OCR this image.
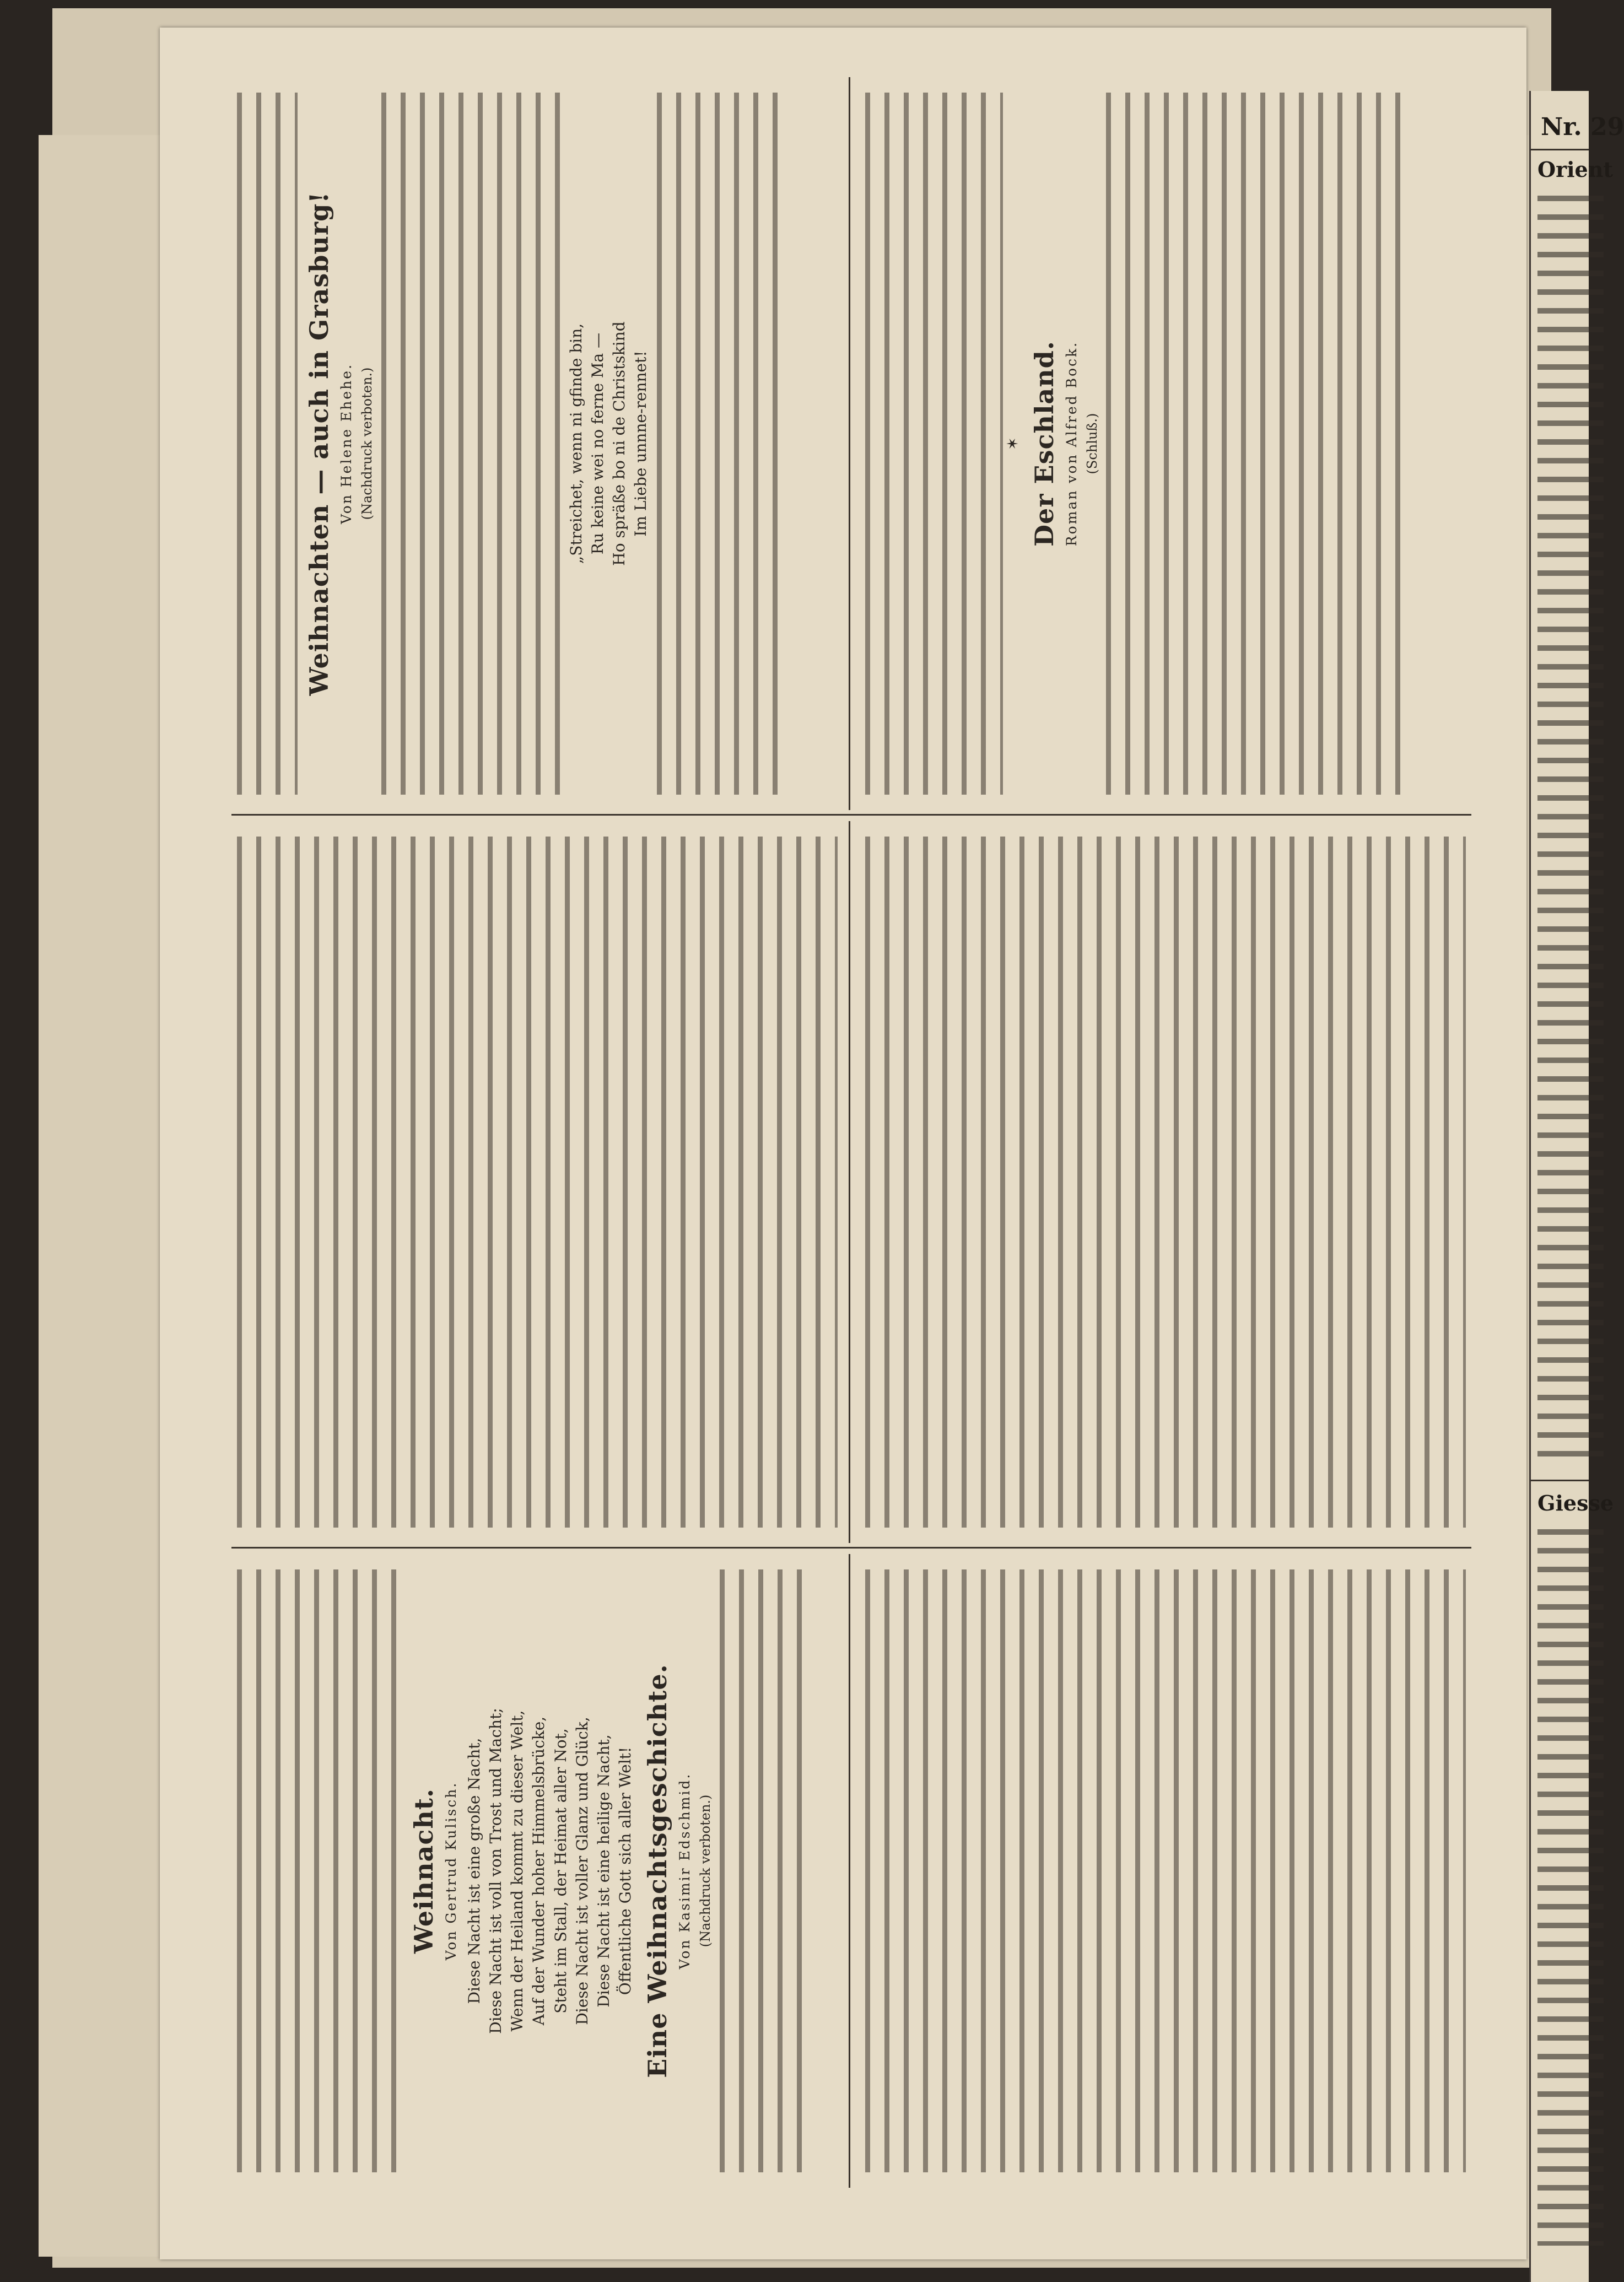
Weihnacht. Von Gertrud Kulisch. Diese Nacht ist eine große Nacht, Diese Nacht ist voll von Trost und Macht; Wenn der Heiland kommt zu dieser Welt, Auf der Wunder hoher Himmelsbrücke, Steht im Stall, der Heimat aller Not, Diese Nacht ist voller Glanz und Glück, Diese Nacht ist eine heilige Nacht, Öffentliche Gott sich aller Welt! Eine Weihnachtsgeschichte. Von Kasimir Edschmid. (Nachdruck verboten.)
Weihnachten — auch in Grasburg! Von Helene Ehehe. (Nachdruck verboten.)	„Streichet, wenn ni gfinde bin, Ru keine wei no ferne Ma — Ho spräße bo ni de Christskind Im Liebe unnne-rennet!	✶ Der Eschland. Roman von Alfred Bock. (Schluß.)
Nr. 29
Orient
Giesse
